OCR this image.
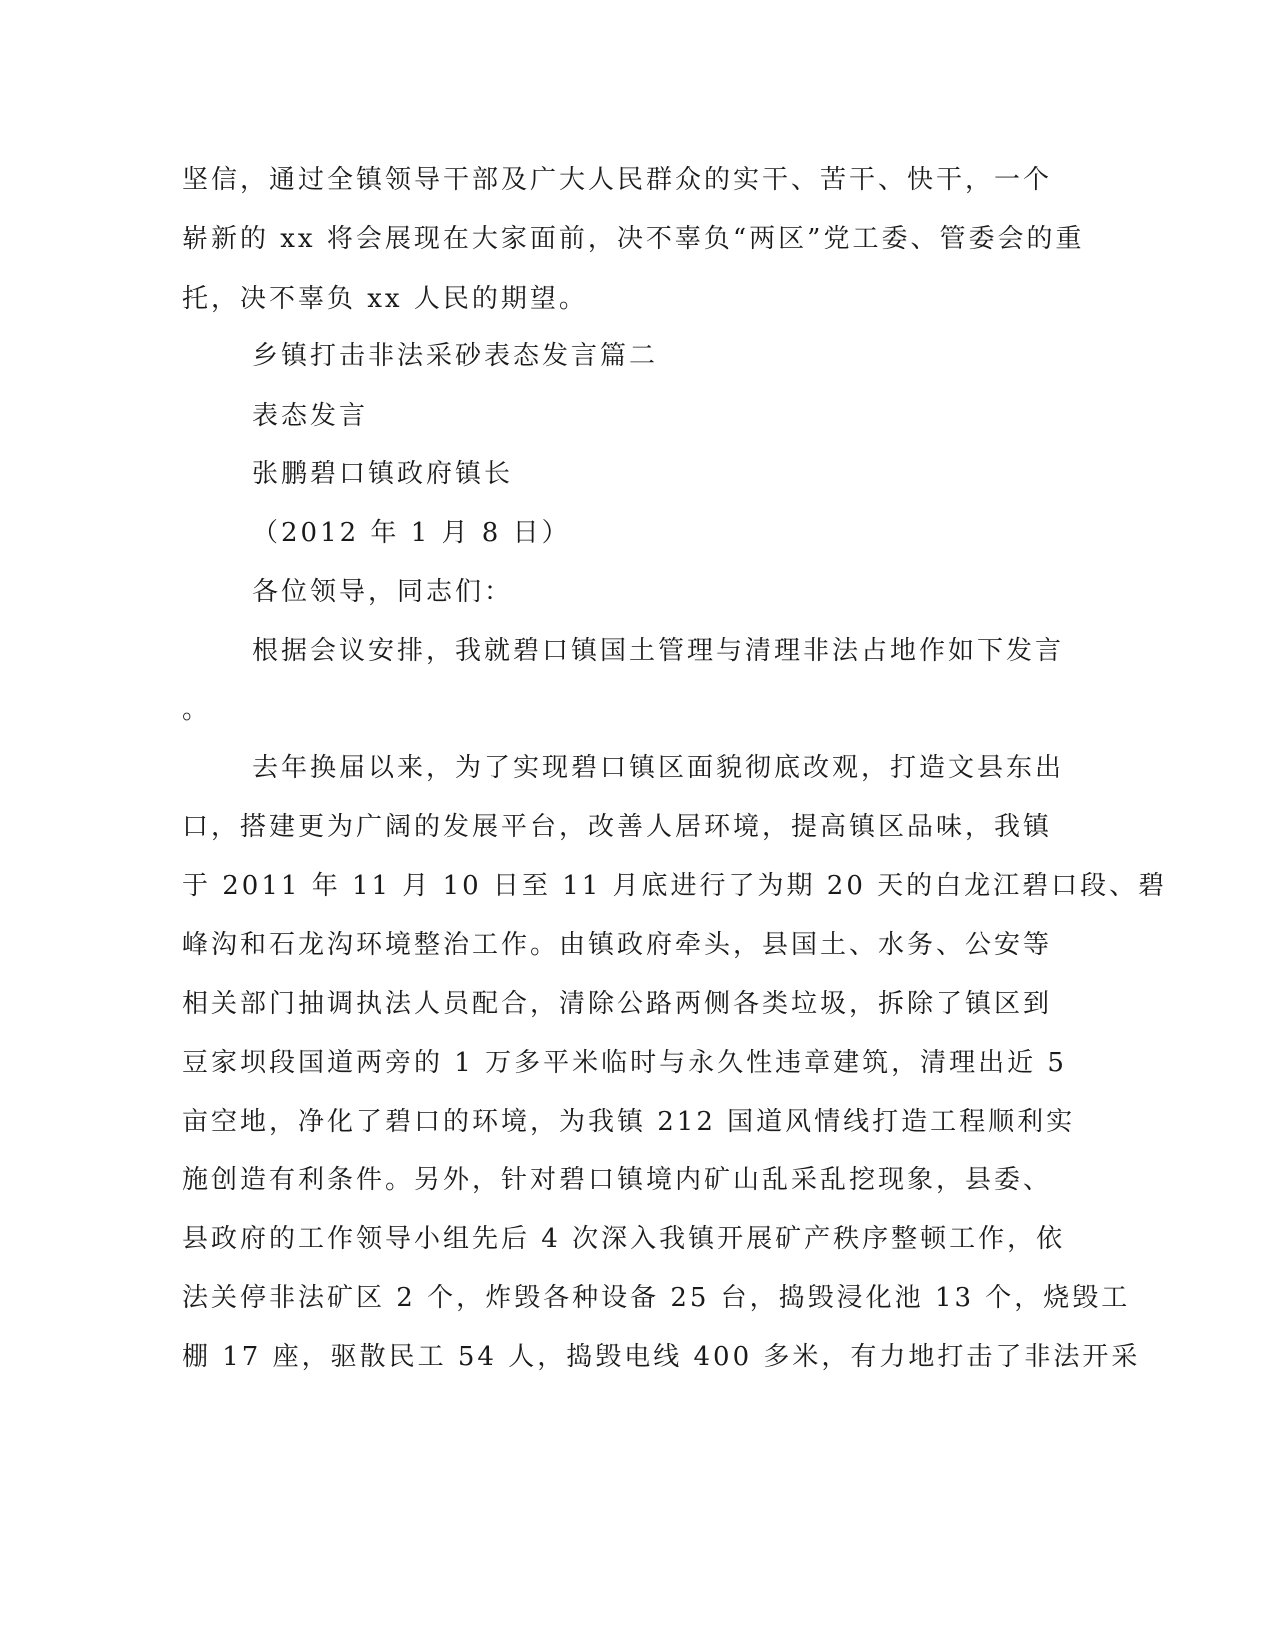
坚信，通过全镇领导干部及广大人民群众的实干、苦干、快干，一个
崭新的 xx 将会展现在大家面前，决不辜负“两区”党工委、管委会的重
托，决不辜负 xx 人民的期望。
乡镇打击非法采砂表态发言篇二
表态发言
张鹏碧口镇政府镇长
（2012 年 1 月 8 日）
各位领导，同志们：
根据会议安排，我就碧口镇国土管理与清理非法占地作如下发言
。
去年换届以来，为了实现碧口镇区面貌彻底改观，打造文县东出
口，搭建更为广阔的发展平台，改善人居环境，提高镇区品味，我镇
于 2011 年 11 月 10 日至 11 月底进行了为期 20 天的白龙江碧口段、碧
峰沟和石龙沟环境整治工作。由镇政府牵头，县国土、水务、公安等
相关部门抽调执法人员配合，清除公路两侧各类垃圾，拆除了镇区到
豆家坝段国道两旁的 1 万多平米临时与永久性违章建筑，清理出近 5
亩空地，净化了碧口的环境，为我镇 212 国道风情线打造工程顺利实
施创造有利条件。另外，针对碧口镇境内矿山乱采乱挖现象，县委、
县政府的工作领导小组先后 4 次深入我镇开展矿产秩序整顿工作，依
法关停非法矿区 2 个，炸毁各种设备 25 台，捣毁浸化池 13 个，烧毁工
棚 17 座，驱散民工 54 人，捣毁电线 400 多米，有力地打击了非法开采
